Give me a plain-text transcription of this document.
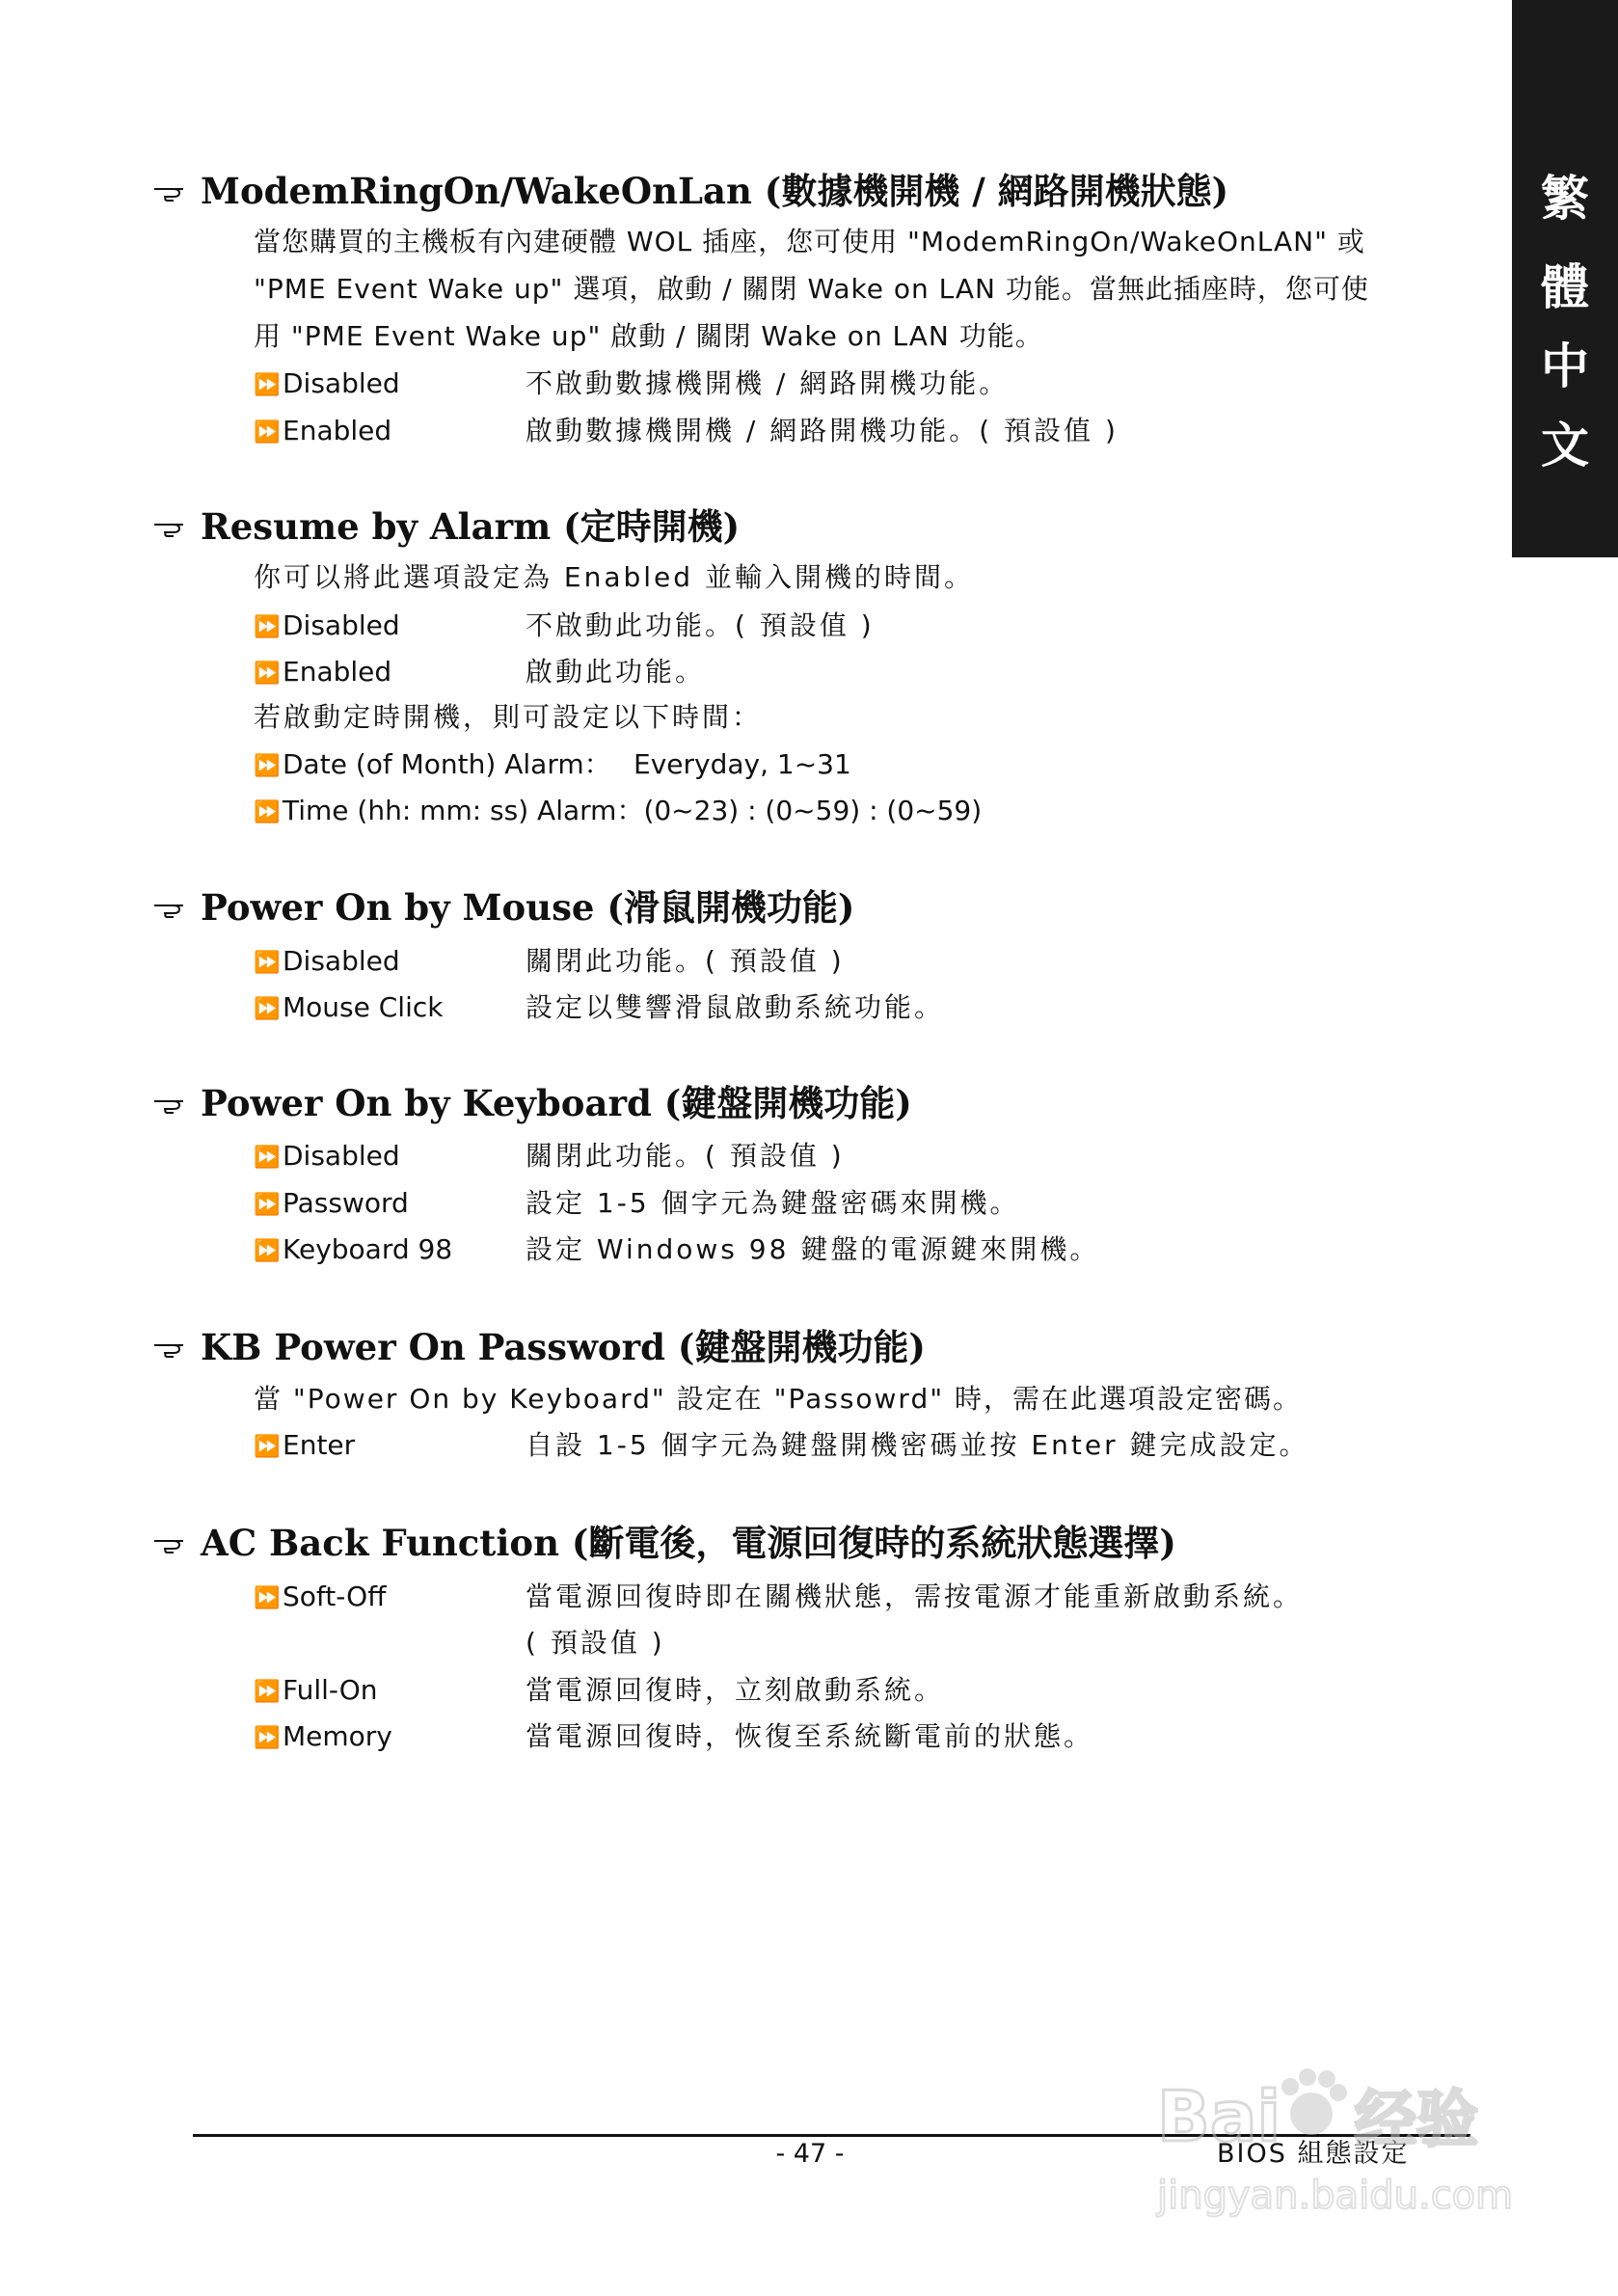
繁
體
中
文
ModemRingOn/WakeOnLan (數據機開機 / 網路開機狀態)
當您購買的主機板有內建硬體 WOL 插座，您可使用 "ModemRingOn/WakeOnLAN" 或
"PME Event Wake up" 選項，啟動 / 關閉 Wake on LAN 功能。當無此插座時，您可使
用 "PME Event Wake up" 啟動 / 關閉 Wake on LAN 功能。
⏩Disabled	不啟動數據機開機 / 網路開機功能。
⏩Enabled	啟動數據機開機 / 網路開機功能。( 預設值 )
Resume by Alarm (定時開機)
你可以將此選項設定為 Enabled 並輸入開機的時間。
⏩Disabled	不啟動此功能。( 預設值 )
⏩Enabled	啟動此功能。
若啟動定時開機，則可設定以下時間：
⏩Date (of Month) Alarm： Everyday, 1~31
⏩Time (hh: mm: ss) Alarm：(0~23) : (0~59) : (0~59)
Power On by Mouse (滑鼠開機功能)
⏩Disabled	關閉此功能。( 預設值 )
⏩Mouse Click	設定以雙響滑鼠啟動系統功能。
Power On by Keyboard (鍵盤開機功能)
⏩Disabled	關閉此功能。( 預設值 )
⏩Password	設定 1-5 個字元為鍵盤密碼來開機。
⏩Keyboard 98	設定 Windows 98 鍵盤的電源鍵來開機。
KB Power On Password (鍵盤開機功能)
當 "Power On by Keyboard" 設定在 "Passowrd" 時，需在此選項設定密碼。
⏩Enter	自設 1-5 個字元為鍵盤開機密碼並按 Enter 鍵完成設定。
AC Back Function (斷電後，電源回復時的系統狀態選擇)
⏩Soft-Off	當電源回復時即在關機狀態，需按電源才能重新啟動系統。
( 預設值 )
⏩Full-On	當電源回復時，立刻啟動系統。
⏩Memory	當電源回復時，恢復至系統斷電前的狀態。
- 47 -	BIOS 組態設定
Bai 经验
jingyan.baidu.com
